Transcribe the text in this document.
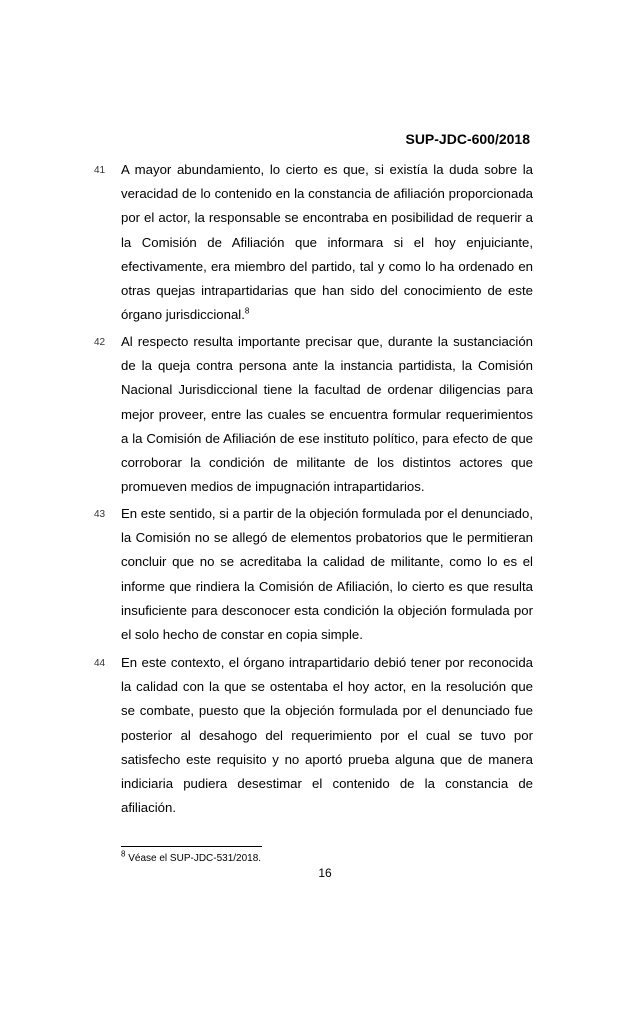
SUP-JDC-600/2018
41 A mayor abundamiento, lo cierto es que, si existía la duda sobre la veracidad de lo contenido en la constancia de afiliación proporcionada por el actor, la responsable se encontraba en posibilidad de requerir a la Comisión de Afiliación que informara si el hoy enjuiciante, efectivamente, era miembro del partido, tal y como lo ha ordenado en otras quejas intrapartidarias que han sido del conocimiento de este órgano jurisdiccional.$^8$
42 Al respecto resulta importante precisar que, durante la sustanciación de la queja contra persona ante la instancia partidista, la Comisión Nacional Jurisdiccional tiene la facultad de ordenar diligencias para mejor proveer, entre las cuales se encuentra formular requerimientos a la Comisión de Afiliación de ese instituto político, para efecto de que corroborar la condición de militante de los distintos actores que promueven medios de impugnación intrapartidarios.
43 En este sentido, si a partir de la objeción formulada por el denunciado, la Comisión no se allegó de elementos probatorios que le permitieran concluir que no se acreditaba la calidad de militante, como lo es el informe que rindiera la Comisión de Afiliación, lo cierto es que resulta insuficiente para desconocer esta condición la objeción formulada por el solo hecho de constar en copia simple.
44 En este contexto, el órgano intrapartidario debió tener por reconocida la calidad con la que se ostentaba el hoy actor, en la resolución que se combate, puesto que la objeción formulada por el denunciado fue posterior al desahogo del requerimiento por el cual se tuvo por satisfecho este requisito y no aportó prueba alguna que de manera indiciaria pudiera desestimar el contenido de la constancia de afiliación.
$^8$ Véase el SUP-JDC-531/2018.
16
